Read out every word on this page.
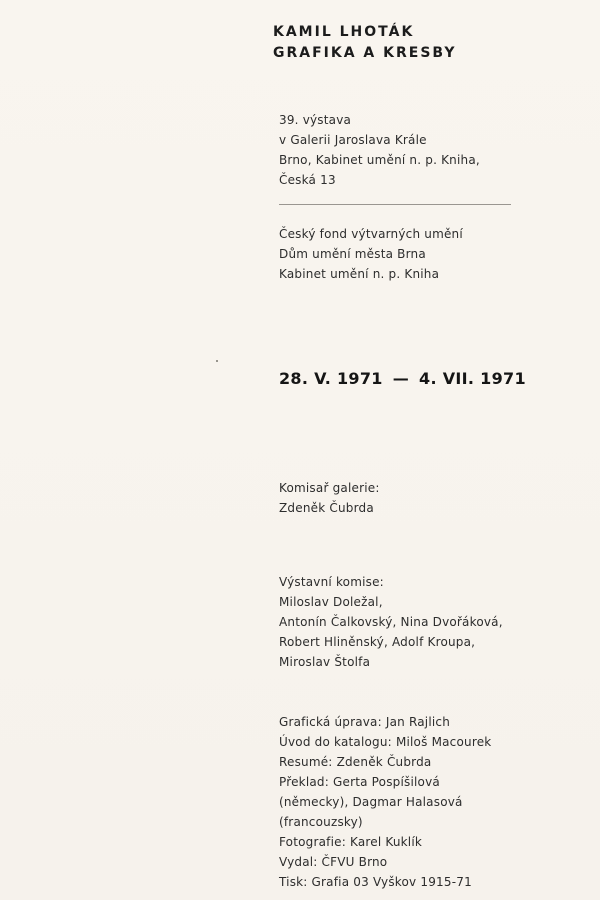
KAMIL LHOTÁK
GRAFIKA A KRESBY
39. výstava
v Galerii Jaroslava Krále
Brno, Kabinet umění n. p. Kniha,
Česká 13
Český fond výtvarných umění
Dům umění města Brna
Kabinet umění n. p. Kniha
28. V. 1971 — 4. VII. 1971
Komisař galerie:
Zdeněk Čubrda
Výstavní komise:
Miloslav Doležal,
Antonín Čalkovský, Nina Dvořáková,
Robert Hliněnský, Adolf Kroupa,
Miroslav Štolfa
Grafická úprava: Jan Rajlich
Úvod do katalogu: Miloš Macourek
Resumé: Zdeněk Čubrda
Překlad: Gerta Pospíšilová
(německy), Dagmar Halasová
(francouzsky)
Fotografie: Karel Kuklík
Vydal: ČFVU Brno
Tisk: Grafia 03 Vyškov 1915-71
